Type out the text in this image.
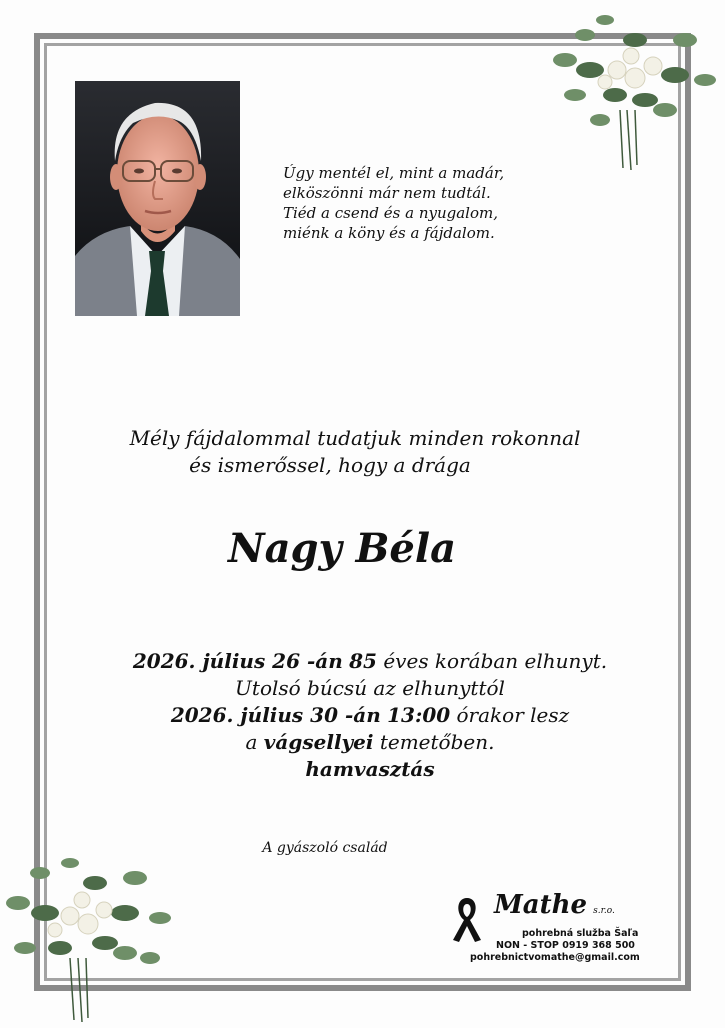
Úgy mentél el, mint a madár,
elköszönni már nem tudtál.
Tiéd a csend és a nyugalom,
miénk a köny és a fájdalom.
Mély fájdalommal tudatjuk minden rokonnal
és ismerőssel, hogy a drága
Nagy Béla
2026. július 26 -án 85 éves korában elhunyt.
Utolsó búcsú az elhunyttól
2026. július 30 -án 13:00 órakor lesz
a vágsellyei temetőben.
hamvasztás
A gyászoló család
Mathe s.r.o.
pohrebná služba Šaľa
NON - STOP 0919 368 500
pohrebnictvomathe@gmail.com
